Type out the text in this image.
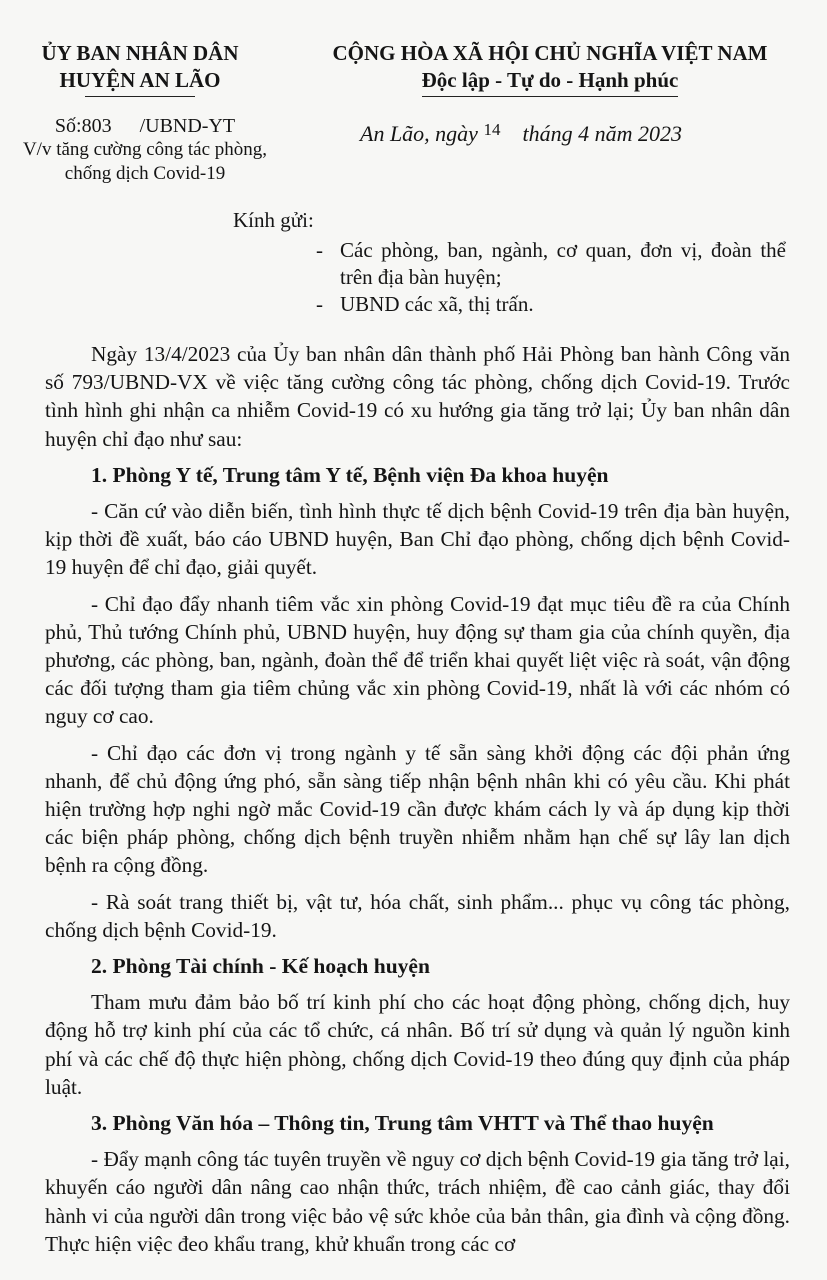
ỦY BAN NHÂN DÂN
HUYỆN AN LÃO
CỘNG HÒA XÃ HỘI CHỦ NGHĨA VIỆT NAM
Độc lập - Tự do - Hạnh phúc
Số:803 /UBND-YT
V/v tăng cường công tác phòng,
chống dịch Covid-19
An Lão, ngày $^{14}$ tháng 4 năm 2023
Kính gửi:
- Các phòng, ban, ngành, cơ quan, đơn vị, đoàn thể trên địa bàn huyện;
- UBND các xã, thị trấn.

Ngày 13/4/2023 của Ủy ban nhân dân thành phố Hải Phòng ban hành Công văn số 793/UBND-VX về việc tăng cường công tác phòng, chống dịch Covid-19. Trước tình hình ghi nhận ca nhiễm Covid-19 có xu hướng gia tăng trở lại; Ủy ban nhân dân huyện chỉ đạo như sau:

1. Phòng Y tế, Trung tâm Y tế, Bệnh viện Đa khoa huyện

- Căn cứ vào diễn biến, tình hình thực tế dịch bệnh Covid-19 trên địa bàn huyện, kịp thời đề xuất, báo cáo UBND huyện, Ban Chỉ đạo phòng, chống dịch bệnh Covid-19 huyện để chỉ đạo, giải quyết.

- Chỉ đạo đẩy nhanh tiêm vắc xin phòng Covid-19 đạt mục tiêu đề ra của Chính phủ, Thủ tướng Chính phủ, UBND huyện, huy động sự tham gia của chính quyền, địa phương, các phòng, ban, ngành, đoàn thể để triển khai quyết liệt việc rà soát, vận động các đối tượng tham gia tiêm chủng vắc xin phòng Covid-19, nhất là với các nhóm có nguy cơ cao.

- Chỉ đạo các đơn vị trong ngành y tế sẵn sàng khởi động các đội phản ứng nhanh, để chủ động ứng phó, sẵn sàng tiếp nhận bệnh nhân khi có yêu cầu. Khi phát hiện trường hợp nghi ngờ mắc Covid-19 cần được khám cách ly và áp dụng kịp thời các biện pháp phòng, chống dịch bệnh truyền nhiễm nhằm hạn chế sự lây lan dịch bệnh ra cộng đồng.

- Rà soát trang thiết bị, vật tư, hóa chất, sinh phẩm... phục vụ công tác phòng, chống dịch bệnh Covid-19.

2. Phòng Tài chính - Kế hoạch huyện

Tham mưu đảm bảo bố trí kinh phí cho các hoạt động phòng, chống dịch, huy động hỗ trợ kinh phí của các tổ chức, cá nhân. Bố trí sử dụng và quản lý nguồn kinh phí và các chế độ thực hiện phòng, chống dịch Covid-19 theo đúng quy định của pháp luật.

3. Phòng Văn hóa – Thông tin, Trung tâm VHTT và Thể thao huyện

- Đẩy mạnh công tác tuyên truyền về nguy cơ dịch bệnh Covid-19 gia tăng trở lại, khuyến cáo người dân nâng cao nhận thức, trách nhiệm, đề cao cảnh giác, thay đổi hành vi của người dân trong việc bảo vệ sức khỏe của bản thân, gia đình và cộng đồng. Thực hiện việc đeo khẩu trang, khử khuẩn trong các cơ
